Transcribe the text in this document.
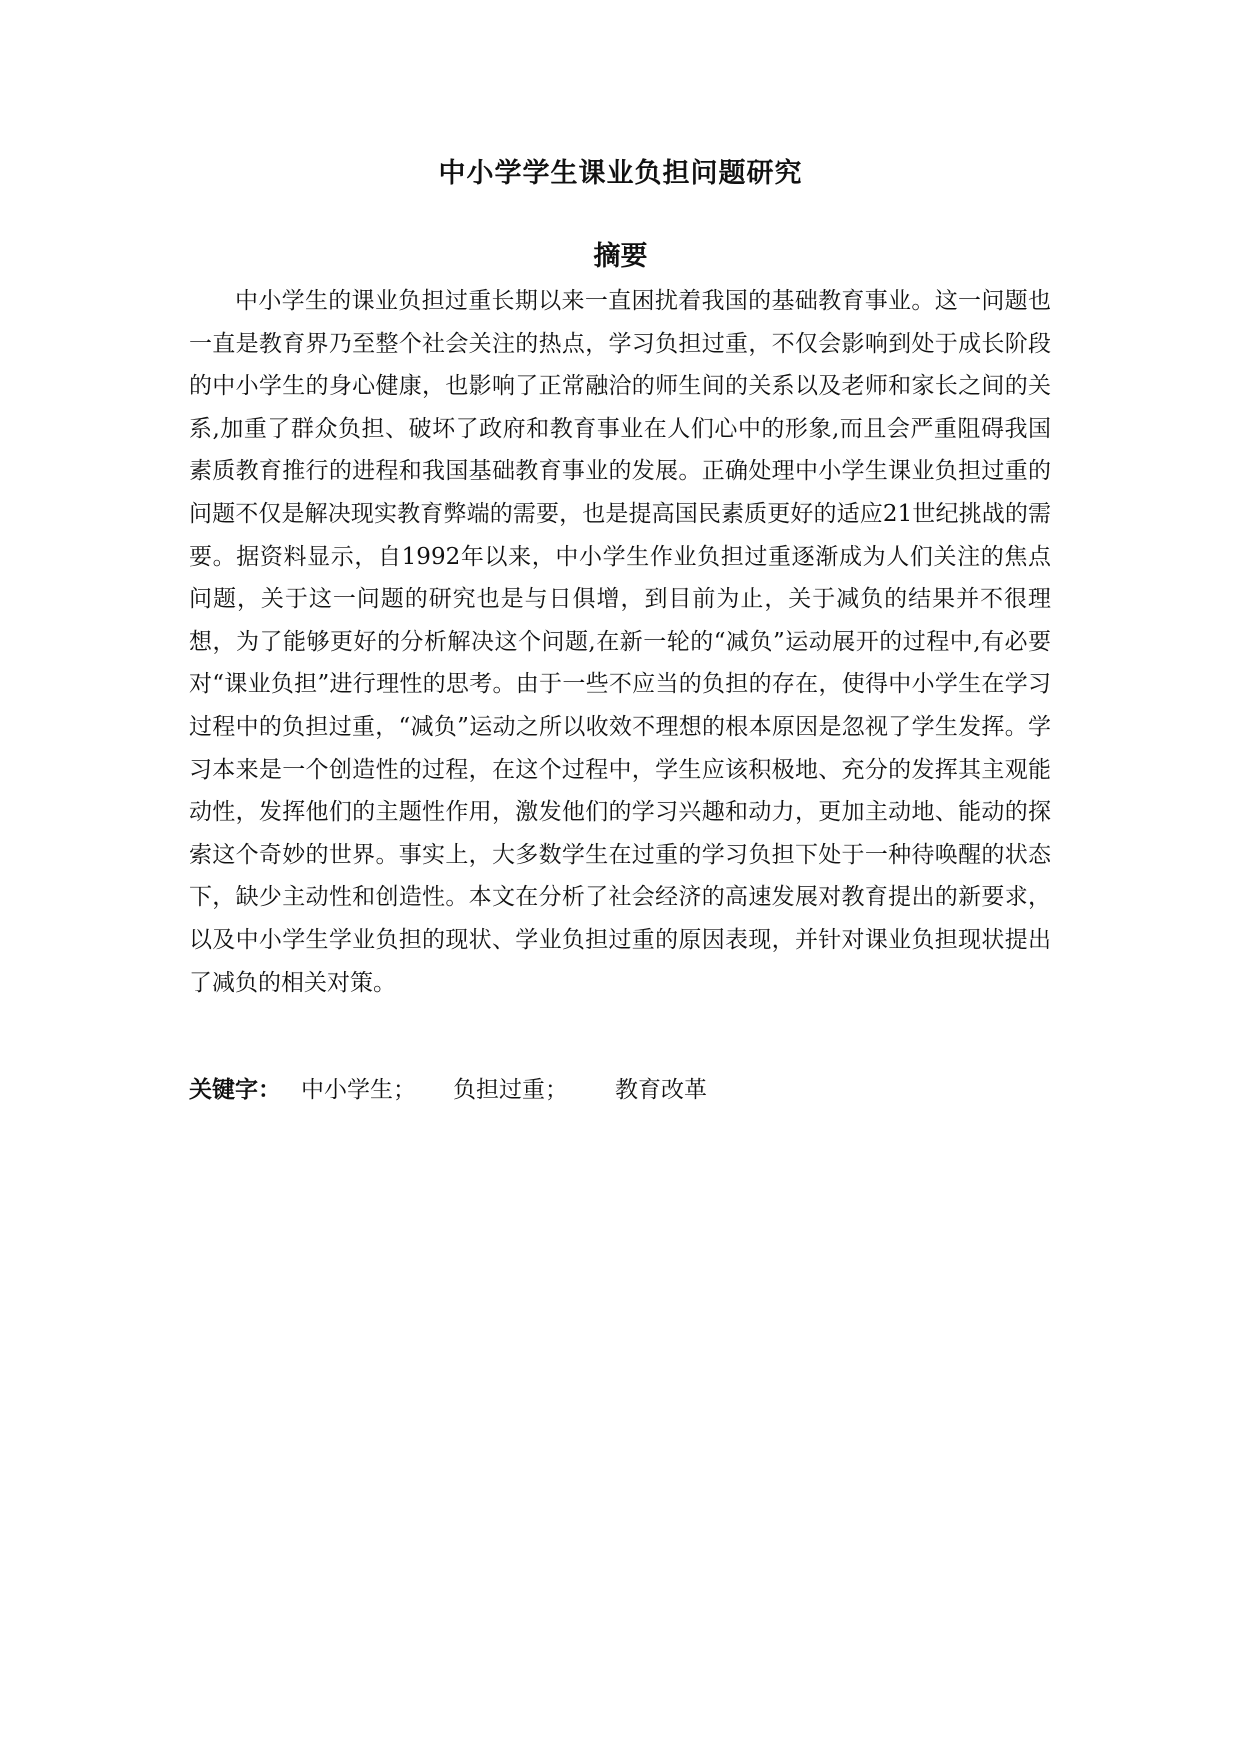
中小学学生课业负担问题研究
摘要

中小学生的课业负担过重长期以来一直困扰着我国的基础教育事业。这一问题也一直是教育界乃至整个社会关注的热点，学习负担过重，不仅会影响到处于成长阶段的中小学生的身心健康，也影响了正常融洽的师生间的关系以及老师和家长之间的关系,加重了群众负担、破坏了政府和教育事业在人们心中的形象,而且会严重阻碍我国素质教育推行的进程和我国基础教育事业的发展。正确处理中小学生课业负担过重的问题不仅是解决现实教育弊端的需要，也是提高国民素质更好的适应21世纪挑战的需要。据资料显示，自1992年以来，中小学生作业负担过重逐渐成为人们关注的焦点问题，关于这一问题的研究也是与日俱增，到目前为止，关于减负的结果并不很理想，为了能够更好的分析解决这个问题,在新一轮的“减负”运动展开的过程中,有必要对“课业负担”进行理性的思考。由于一些不应当的负担的存在，使得中小学生在学习过程中的负担过重，“减负”运动之所以收效不理想的根本原因是忽视了学生发挥。学习本来是一个创造性的过程，在这个过程中，学生应该积极地、充分的发挥其主观能动性，发挥他们的主题性作用，激发他们的学习兴趣和动力，更加主动地、能动的探索这个奇妙的世界。事实上，大多数学生在过重的学习负担下处于一种待唤醒的状态下，缺少主动性和创造性。本文在分析了社会经济的高速发展对教育提出的新要求，以及中小学生学业负担的现状、学业负担过重的原因表现，并针对课业负担现状提出了减负的相关对策。

关键字： 中小学生； 负担过重； 教育改革
